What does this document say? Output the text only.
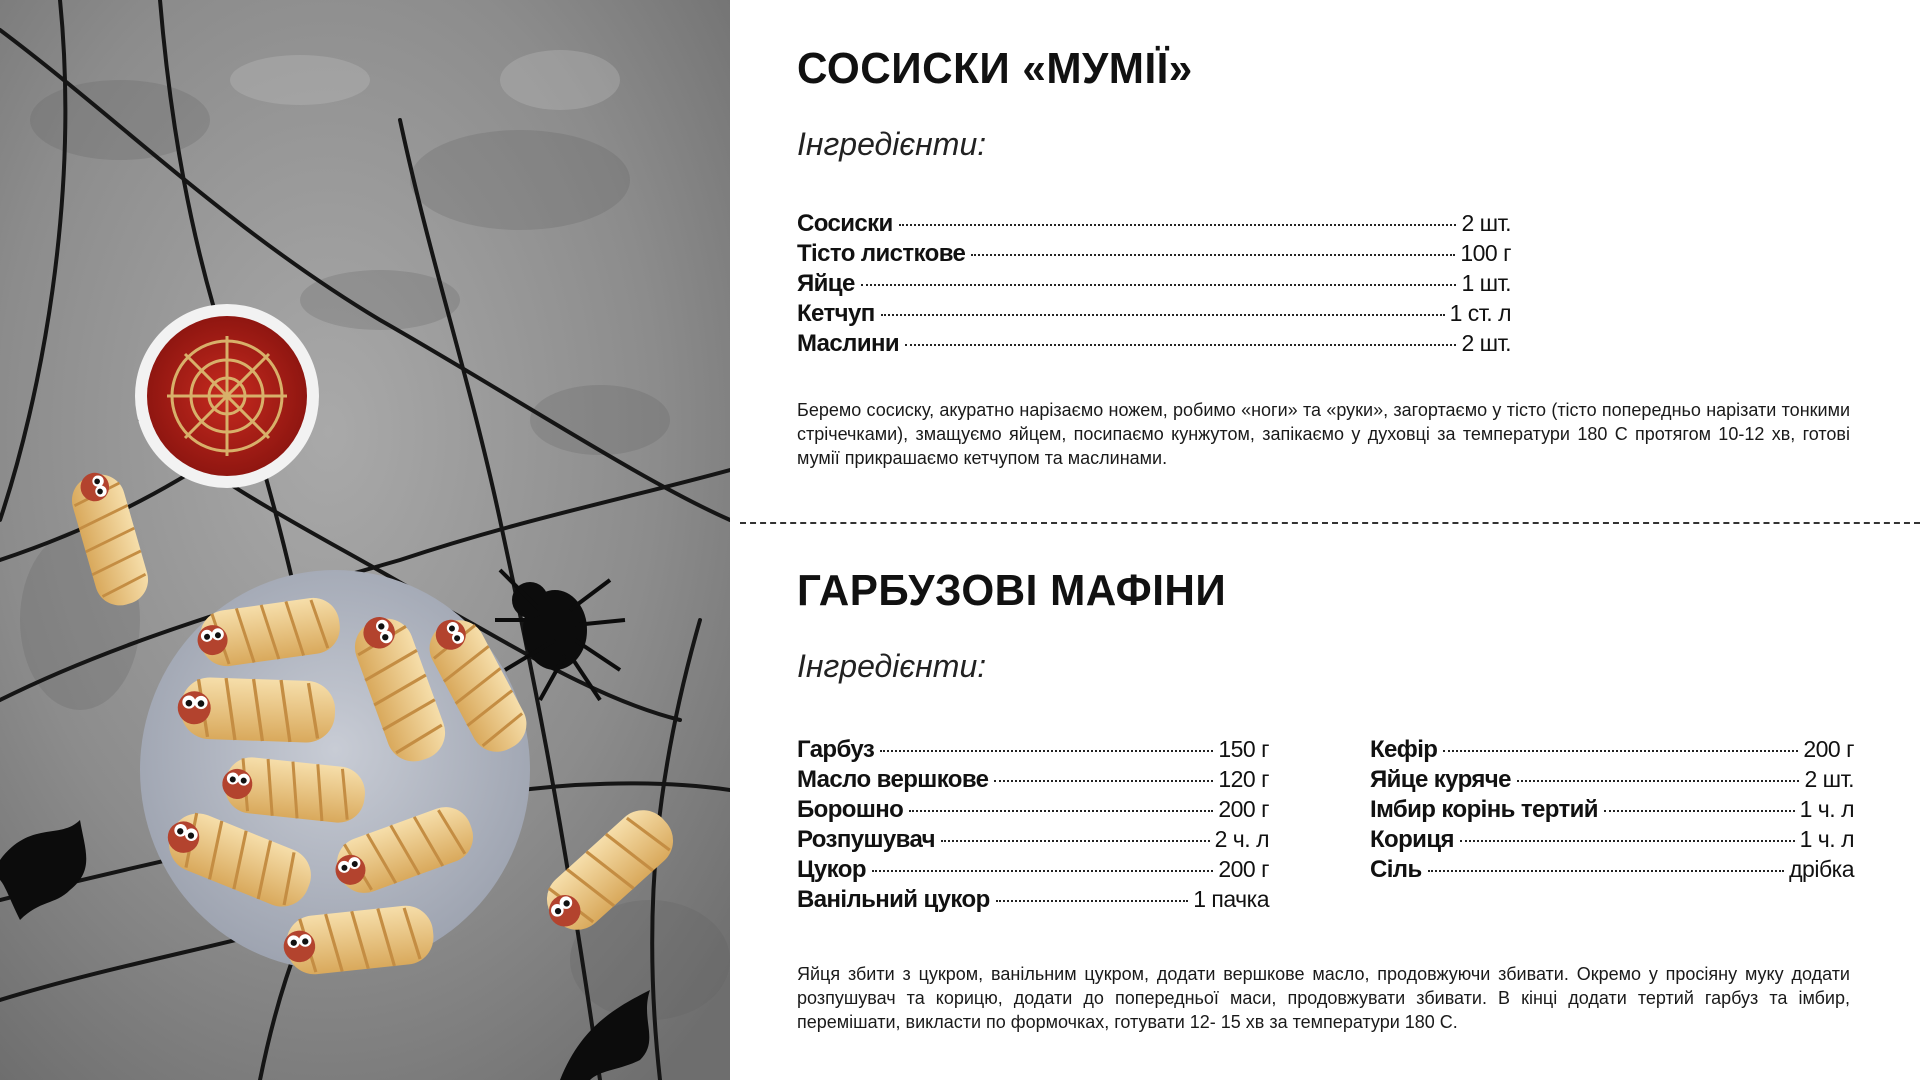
СОСИСКИ «МУМІЇ»

Інгредієнти:

Сосиски	2 шт.
Тісто листкове	100 г
Яйце	1 шт.
Кетчуп	1 ст. л
Маслини	2 шт.

Беремо сосиску, акуратно нарізаємо ножем, робимо «ноги» та «руки», загортаємо у тісто (тісто попередньо нарізати тонкими стрічечками), змащуємо яйцем, посипаємо кунжутом, запікаємо у духовці за температури 180 С протягом 10-12 хв, готові мумії прикрашаємо кетчупом та маслинами.

ГАРБУЗОВІ МАФІНИ

Інгредієнти:

Гарбуз	150 г
Масло вершкове	120 г
Борошно	200 г
Розпушувач	2 ч. л
Цукор	200 г
Ванільний цукор	1 пачка
Кефір	200 г
Яйце куряче	2 шт.
Імбир корінь тертий	1 ч. л
Кориця	1 ч. л
Сіль	дрібка

Яйця збити з цукром, ванільним цукром, додати вершкове масло, продовжуючи збивати. Окремо у просіяну муку додати розпушувач та корицю, додати до попередньої маси, продовжувати збивати. В кінці додати тертий гарбуз та імбир, перемішати, викласти по формочках, готувати 12- 15 хв за температури 180 С.
